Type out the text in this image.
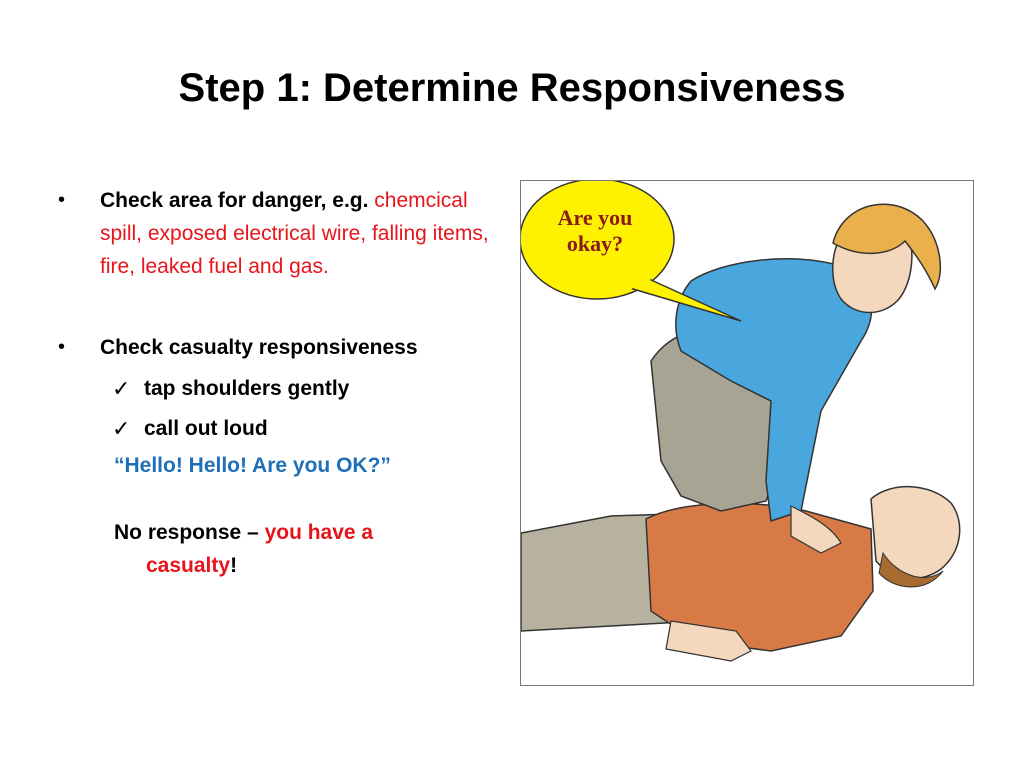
Step 1: Determine Responsiveness
•	Check area for danger, e.g. chemcical spill, exposed electrical wire, falling items, fire, leaked fuel and gas.
•	Check casualty responsiveness
✓ tap shoulders gently
✓ call out loud
“Hello! Hello! Are you OK?”
No response – you have a
casualty!
Are you
okay?
